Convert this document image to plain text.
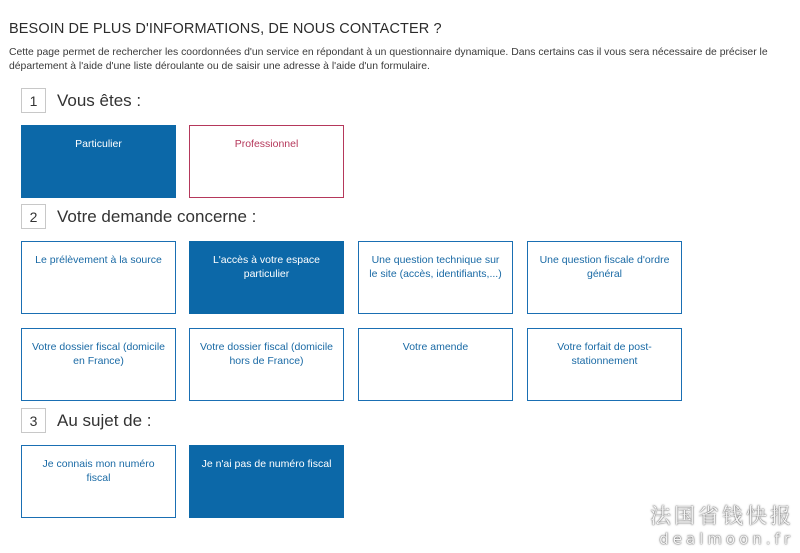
BESOIN DE PLUS D'INFORMATIONS, DE NOUS CONTACTER ?
Cette page permet de rechercher les coordonnées d'un service en répondant à un questionnaire dynamique. Dans certains cas il vous sera nécessaire de préciser le département à l'aide d'une liste déroulante ou de saisir une adresse à l'aide d'un formulaire.
1	Vous êtes :
Particulier	Professionnel
2	Votre demande concerne :
Le prélèvement à la source	L'accès à votre espace particulier
Une question technique sur le site (accès, identifiants,...)
Une question fiscale d'ordre général
Votre dossier fiscal (domicile en France)
Votre dossier fiscal (domicile hors de France)
Votre amende	Votre forfait de post-stationnement
3	Au sujet de :
Je connais mon numéro fiscal
Je n'ai pas de numéro fiscal
法国省钱快报
dealmoon.fr
